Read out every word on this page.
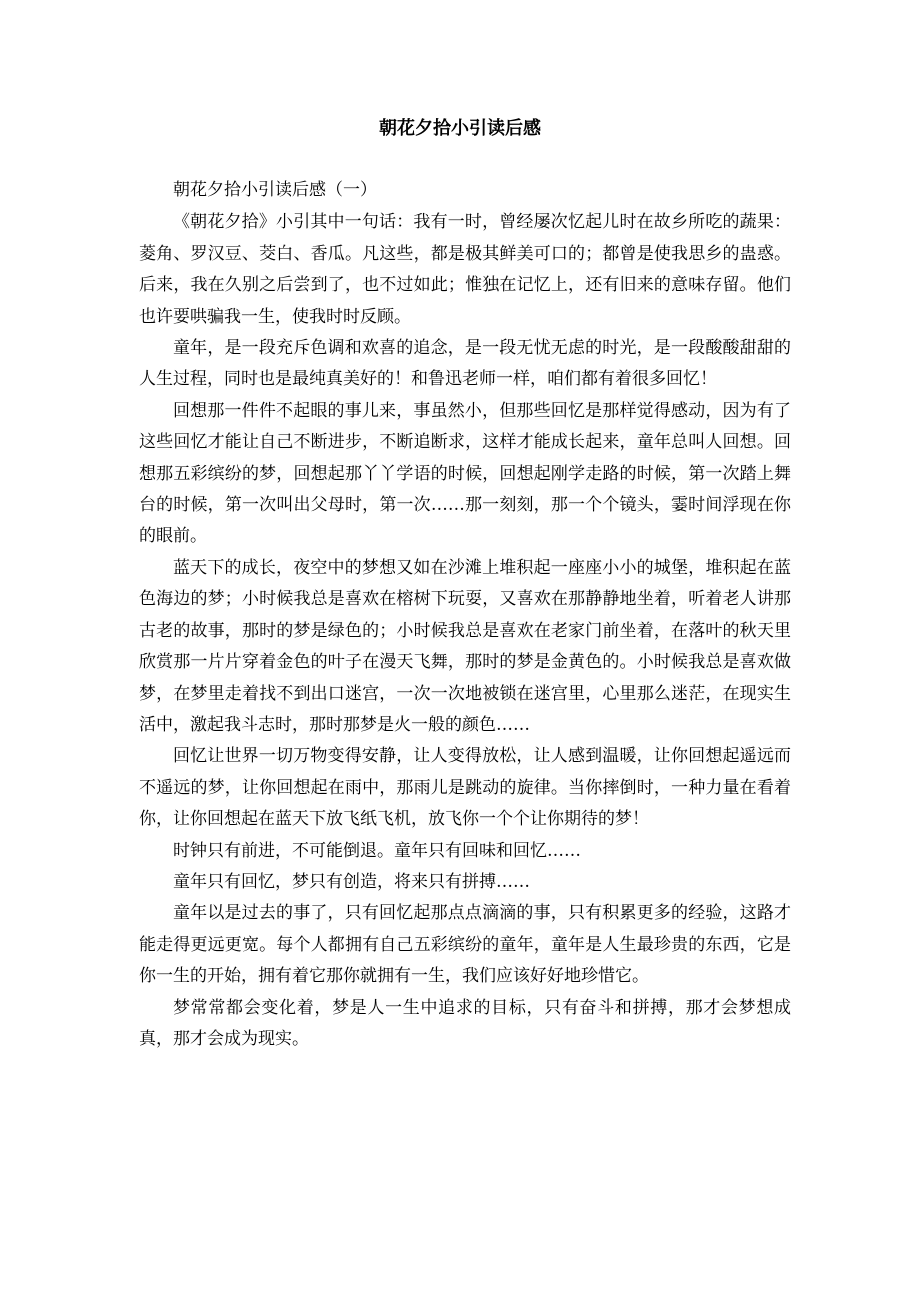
朝花夕拾小引读后感

朝花夕拾小引读后感（一）

《朝花夕拾》小引其中一句话：我有一时，曾经屡次忆起儿时在故乡所吃的蔬果：菱角、罗汉豆、茭白、香瓜。凡这些，都是极其鲜美可口的；都曾是使我思乡的蛊惑。后来，我在久别之后尝到了，也不过如此；惟独在记忆上，还有旧来的意味存留。他们也许要哄骗我一生，使我时时反顾。

童年，是一段充斥色调和欢喜的追念，是一段无忧无虑的时光，是一段酸酸甜甜的人生过程，同时也是最纯真美好的！和鲁迅老师一样，咱们都有着很多回忆！

回想那一件件不起眼的事儿来，事虽然小，但那些回忆是那样觉得感动，因为有了这些回忆才能让自己不断进步，不断追断求，这样才能成长起来，童年总叫人回想。回想那五彩缤纷的梦，回想起那丫丫学语的时候，回想起刚学走路的时候，第一次踏上舞台的时候，第一次叫出父母时，第一次……那一刻刻，那一个个镜头，霎时间浮现在你的眼前。

蓝天下的成长，夜空中的梦想又如在沙滩上堆积起一座座小小的城堡，堆积起在蓝色海边的梦；小时候我总是喜欢在榕树下玩耍，又喜欢在那静静地坐着，听着老人讲那古老的故事，那时的梦是绿色的；小时候我总是喜欢在老家门前坐着，在落叶的秋天里欣赏那一片片穿着金色的叶子在漫天飞舞，那时的梦是金黄色的。小时候我总是喜欢做梦，在梦里走着找不到出口迷宫，一次一次地被锁在迷宫里，心里那么迷茫，在现实生活中，激起我斗志时，那时那梦是火一般的颜色……

回忆让世界一切万物变得安静，让人变得放松，让人感到温暖，让你回想起遥远而不遥远的梦，让你回想起在雨中，那雨儿是跳动的旋律。当你摔倒时，一种力量在看着你，让你回想起在蓝天下放飞纸飞机，放飞你一个个让你期待的梦！

时钟只有前进，不可能倒退。童年只有回味和回忆……

童年只有回忆，梦只有创造，将来只有拼搏……

童年以是过去的事了，只有回忆起那点点滴滴的事，只有积累更多的经验，这路才能走得更远更宽。每个人都拥有自己五彩缤纷的童年，童年是人生最珍贵的东西，它是你一生的开始，拥有着它那你就拥有一生，我们应该好好地珍惜它。

梦常常都会变化着，梦是人一生中追求的目标，只有奋斗和拼搏，那才会梦想成真，那才会成为现实。
